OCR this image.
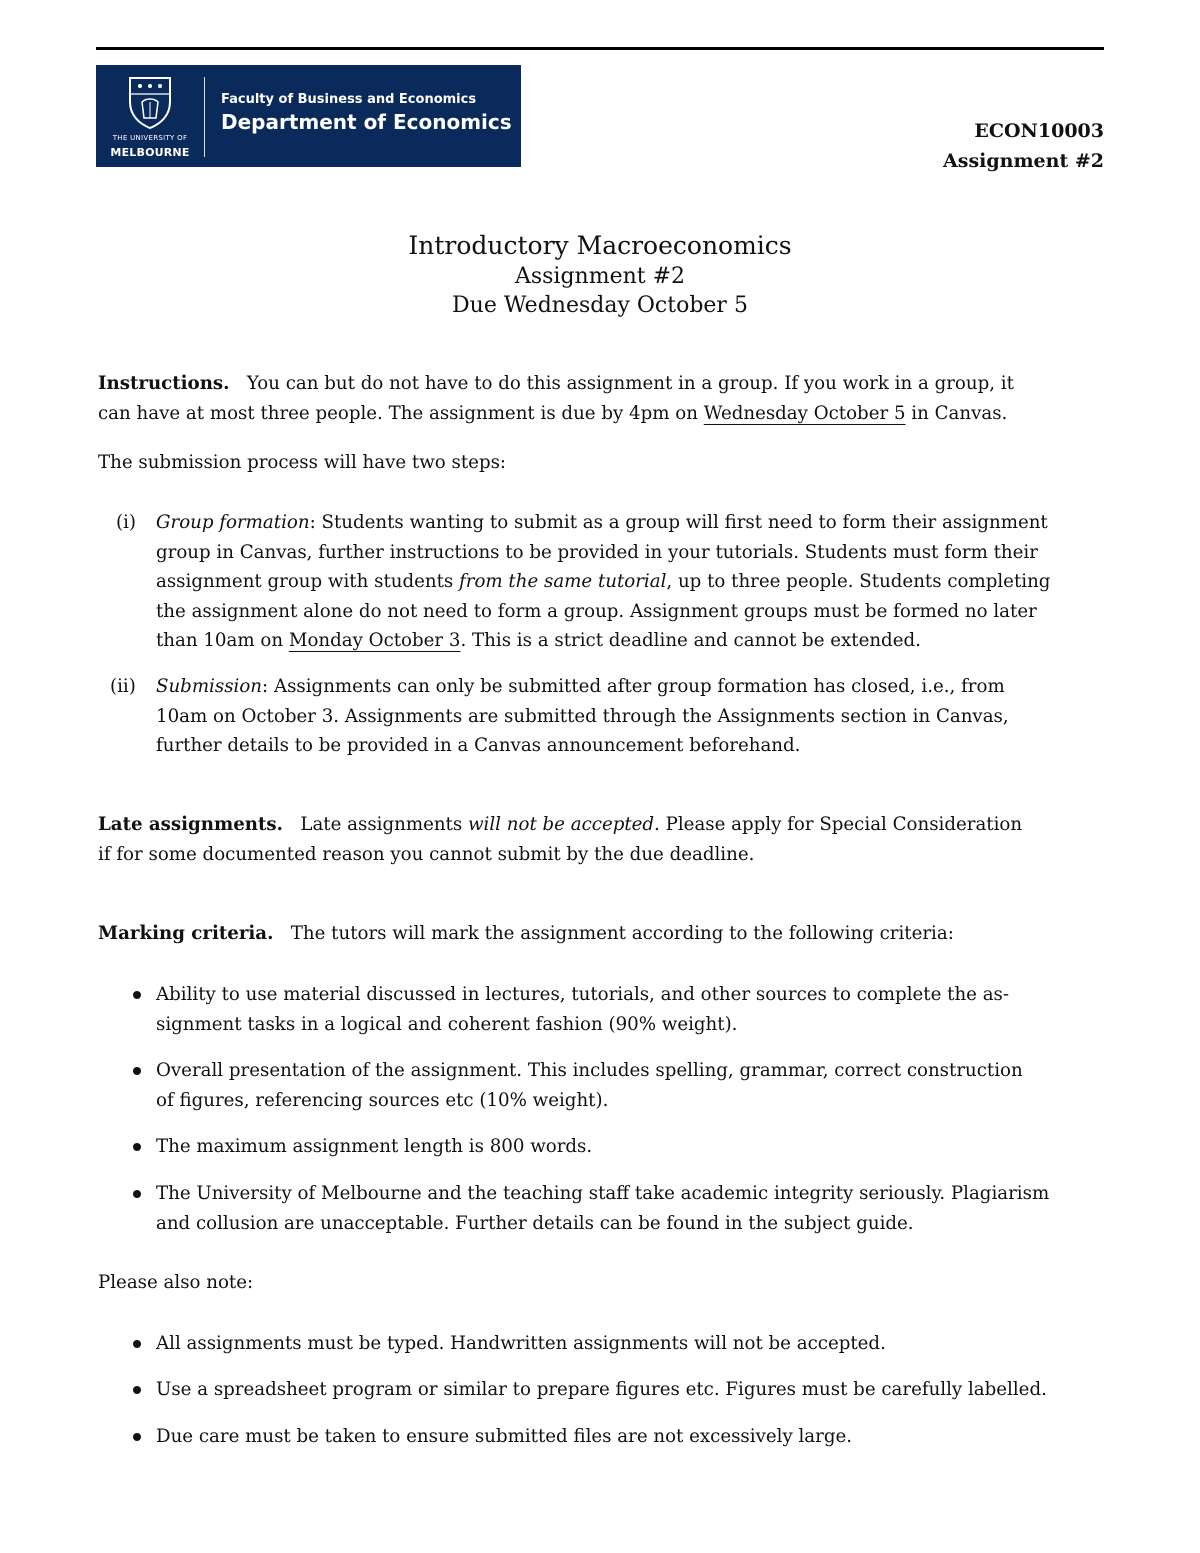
THE UNIVERSITY OF
MELBOURNE
Faculty of Business and Economics
Department of Economics	ECON10003
Assignment #2
Introductory Macroeconomics
Assignment #2
Due Wednesday October 5
Instructions. You can but do not have to do this assignment in a group. If you work in a group, it
can have at most three people. The assignment is due by 4pm on Wednesday October 5 in Canvas.
The submission process will have two steps:
(i) Group formation: Students wanting to submit as a group will first need to form their assignment
group in Canvas, further instructions to be provided in your tutorials. Students must form their
assignment group with students from the same tutorial, up to three people. Students completing
the assignment alone do not need to form a group. Assignment groups must be formed no later
than 10am on Monday October 3. This is a strict deadline and cannot be extended.
(ii) Submission: Assignments can only be submitted after group formation has closed, i.e., from
10am on October 3. Assignments are submitted through the Assignments section in Canvas,
further details to be provided in a Canvas announcement beforehand.
Late assignments. Late assignments will not be accepted. Please apply for Special Consideration
if for some documented reason you cannot submit by the due deadline.
Marking criteria. The tutors will mark the assignment according to the following criteria:
Ability to use material discussed in lectures, tutorials, and other sources to complete the as-
signment tasks in a logical and coherent fashion (90% weight).
Overall presentation of the assignment. This includes spelling, grammar, correct construction
of figures, referencing sources etc (10% weight).
The maximum assignment length is 800 words.
The University of Melbourne and the teaching staff take academic integrity seriously. Plagiarism
and collusion are unacceptable. Further details can be found in the subject guide.
Please also note:
All assignments must be typed. Handwritten assignments will not be accepted.
Use a spreadsheet program or similar to prepare figures etc. Figures must be carefully labelled.
Due care must be taken to ensure submitted files are not excessively large.
